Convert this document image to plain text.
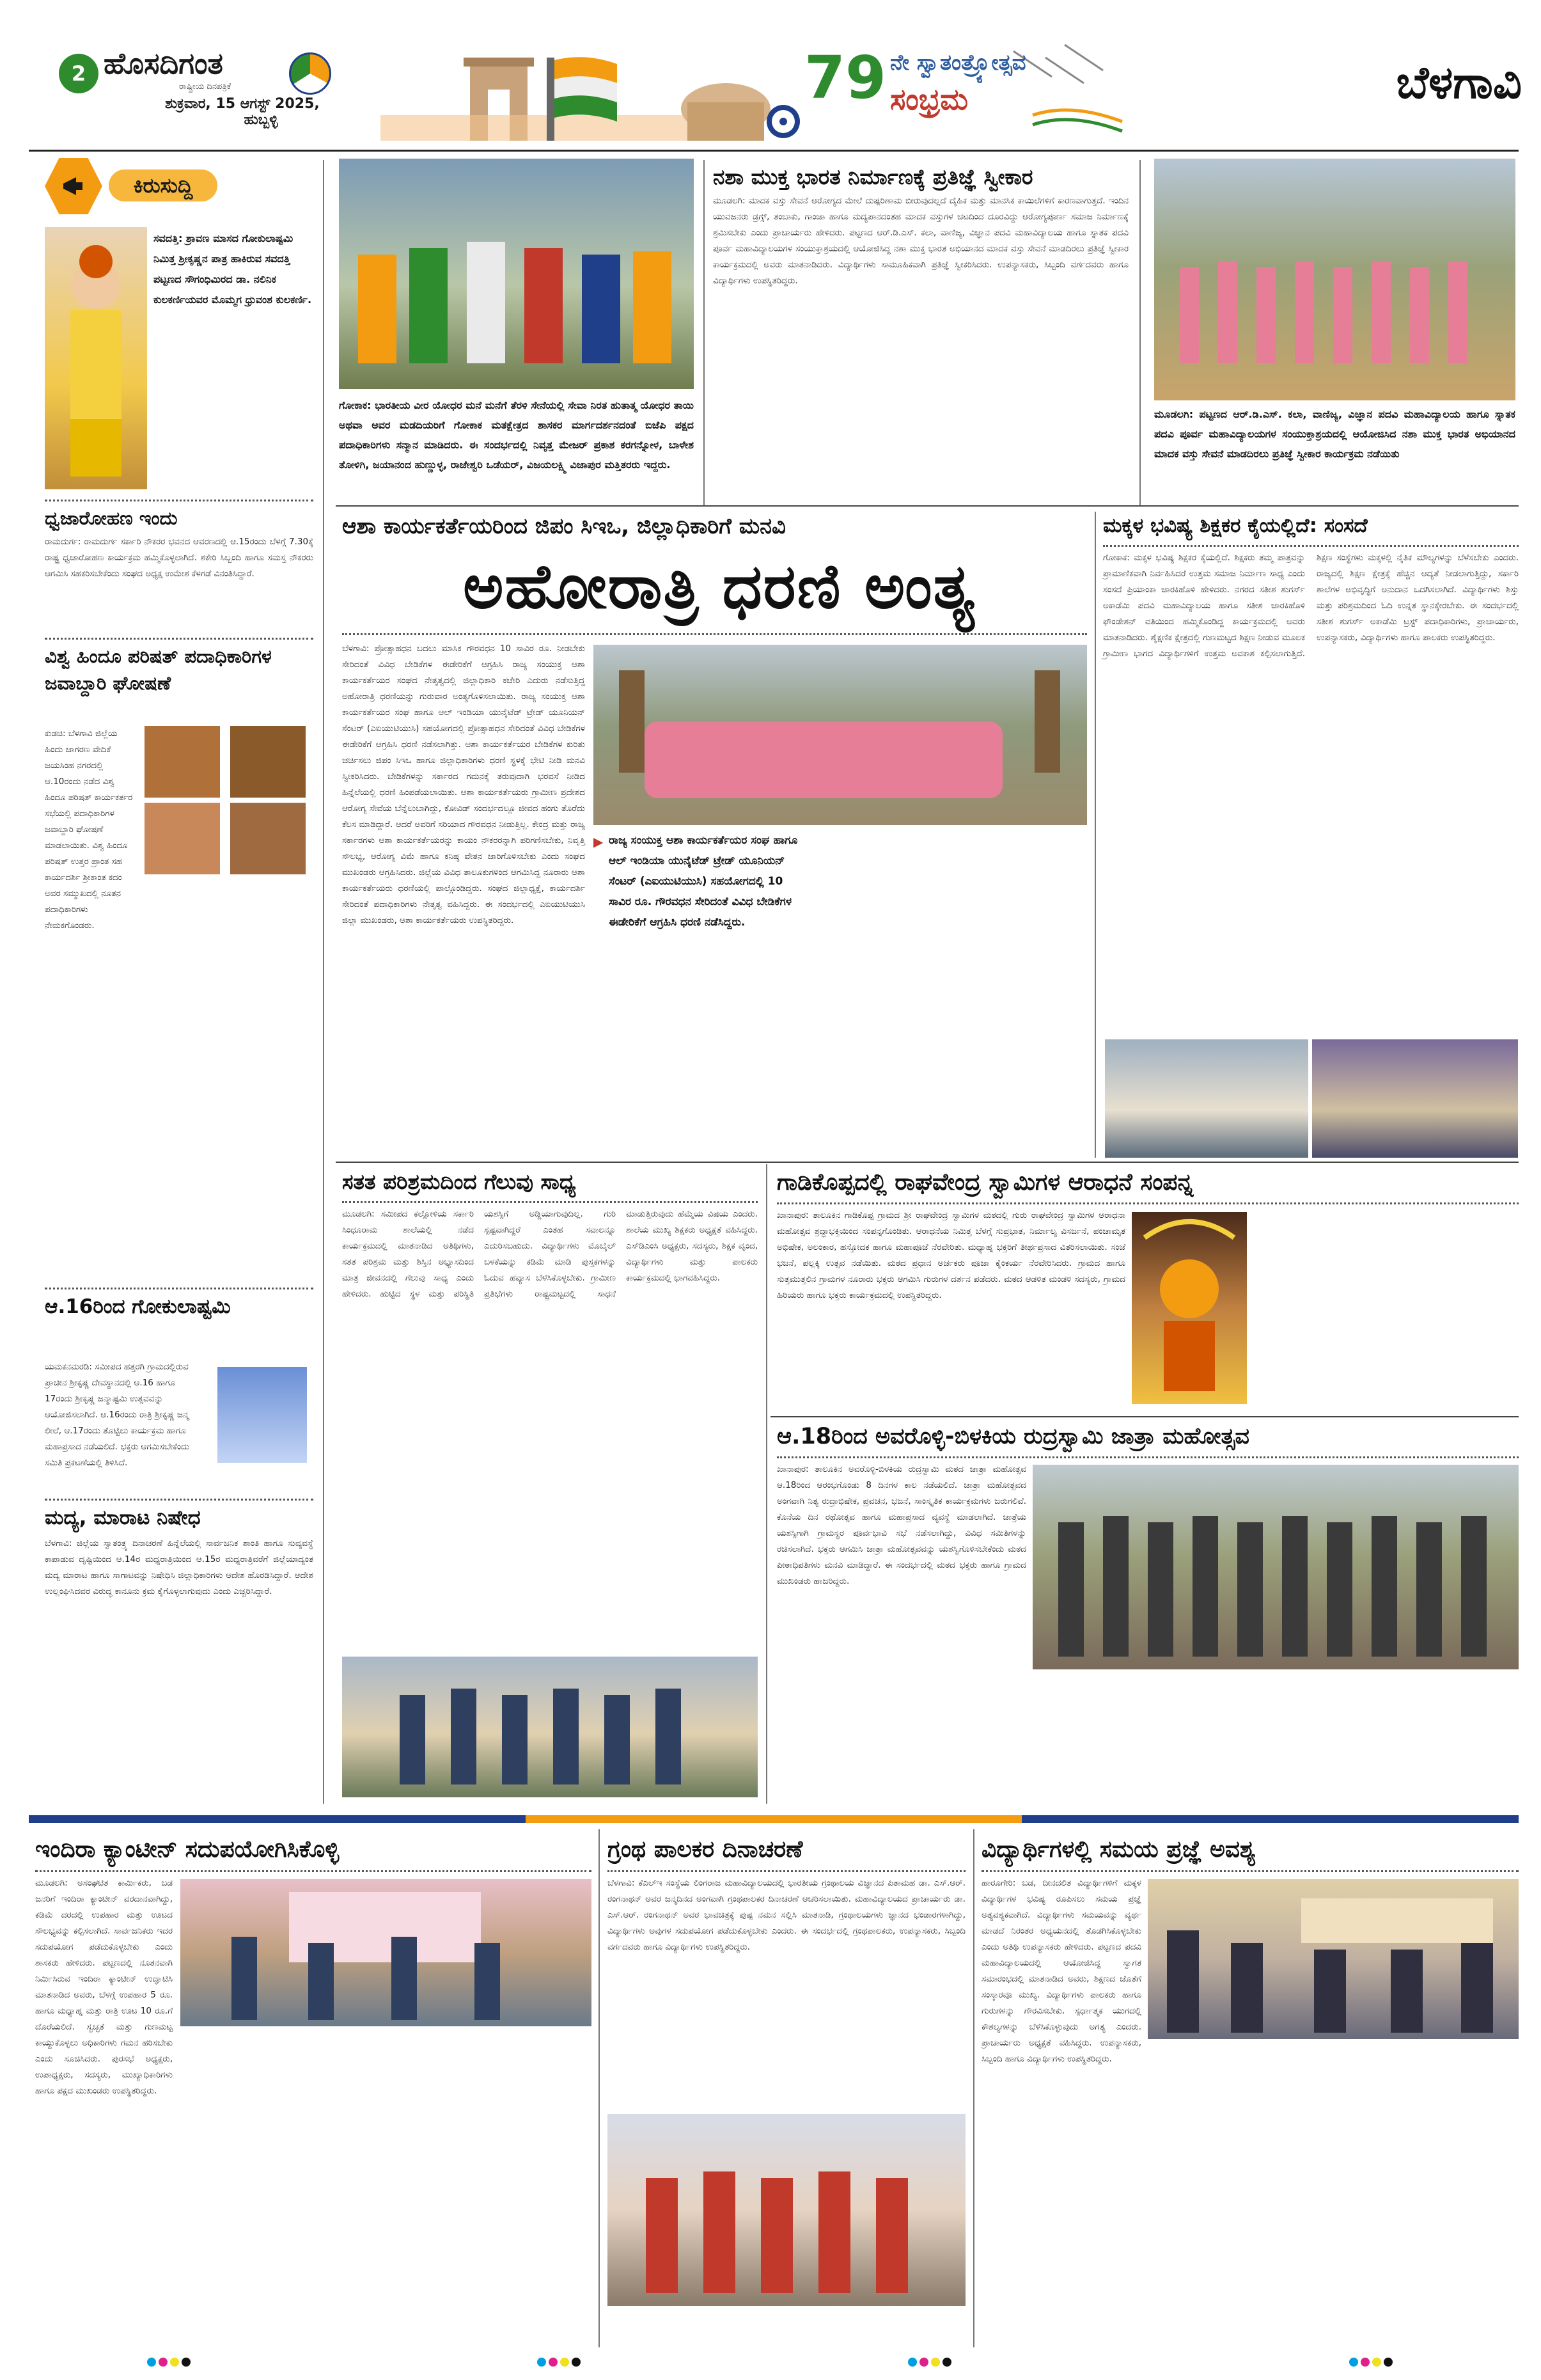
2 ಹೊಸದಿಗಂತ
ರಾಷ್ಟ್ರೀಯ ದಿನಪತ್ರಿಕೆ
ಶುಕ್ರವಾರ, 15 ಆಗಸ್ಟ್ 2025,
ಹುಬ್ಬಳ್ಳಿ
79 ನೇ ಸ್ವಾತಂತ್ರ್ಯೋತ್ಸವ
ಸಂಭ್ರಮ	ಬೆಳಗಾವಿ
ಕಿರುಸುದ್ದಿ
ಸವದತ್ತಿ: ಶ್ರಾವಣ ಮಾಸದ ಗೋಕುಲಾಷ್ಟಮಿ ನಿಮಿತ್ತ ಶ್ರೀಕೃಷ್ಣನ ಪಾತ್ರ ಹಾಕಿರುವ ಸವದತ್ತಿ ಪಟ್ಟಣದ ಸೌಗಂಧಿಮಿರದ ಡಾ. ನಲಿನಿಕ ಕುಲಕರ್ಣಿಯವರ ಮೊಮ್ಮಗ ಧ್ರುವಂಶ ಕುಲಕರ್ಣಿ.
ಧ್ವಜಾರೋಹಣ ಇಂದು
ರಾಮದುರ್ಗ: ರಾಮದುರ್ಗ ಸರ್ಕಾರಿ ನೌಕರರ ಭವನದ ಆವರಣದಲ್ಲಿ ಆ.15ರಂದು ಬೆಳಗ್ಗೆ 7.30ಕ್ಕೆ ರಾಷ್ಟ್ರ ಧ್ವಜಾರೋಹಣ ಕಾರ್ಯಕ್ರಮ ಹಮ್ಮಿಕೊಳ್ಳಲಾಗಿದೆ. ಶಕೇರಿ ಸಿಬ್ಬಂದಿ ಹಾಗೂ ಸಮಸ್ತ ನೌಕರರು ಆಗಮಿಸಿ ಸಹಕರಿಸಬೇಕೆಂದು ಸಂಘದ ಅಧ್ಯಕ್ಷ ಉಮೇಶ ಕೆಳಗಡೆ ವಿನಂತಿಸಿದ್ದಾರೆ.
ವಿಶ್ವ ಹಿಂದೂ ಪರಿಷತ್ ಪದಾಧಿಕಾರಿಗಳ ಜವಾಬ್ದಾರಿ ಘೋಷಣೆ
ಕುಡಚಿ: ಬೆಳಗಾವಿ ಜಿಲ್ಲೆಯ ಹಿಂದು ಜಾಗರಣ ವೇದಿಕೆ ಜಯಸಿಂಹ ನಗರದಲ್ಲಿ ಆ.10ರಂದು ನಡೆದ ವಿಶ್ವ ಹಿಂದೂ ಪರಿಷತ್ ಕಾರ್ಯಕರ್ತರ ಸಭೆಯಲ್ಲಿ ಪದಾಧಿಕಾರಿಗಳ ಜವಾಬ್ದಾರಿ ಘೋಷಣೆ ಮಾಡಲಾಯಿತು. ವಿಶ್ವ ಹಿಂದೂ ಪರಿಷತ್ ಉತ್ತರ ಪ್ರಾಂತ ಸಹ ಕಾರ್ಯದರ್ಶಿ ಶ್ರೀಕಾಂತ ಕದಂ ಅವರ ಸಮ್ಮುಖದಲ್ಲಿ ನೂತನ ಪದಾಧಿಕಾರಿಗಳು ನೇಮಕಗೊಂಡರು.
ಆ.16ರಿಂದ ಗೋಕುಲಾಷ್ಟಮಿ
ಯಮಕನಮರಡಿ: ಸಮೀಪದ ಹತ್ತರಗಿ ಗ್ರಾಮದಲ್ಲಿರುವ ಪ್ರಾಚೀನ ಶ್ರೀಕೃಷ್ಣ ದೇವಸ್ಥಾನದಲ್ಲಿ ಆ.16 ಹಾಗೂ 17ರಂದು ಶ್ರೀಕೃಷ್ಣ ಜನ್ಮಾಷ್ಟಮಿ ಉತ್ಸವವನ್ನು ಆಯೋಜಿಸಲಾಗಿದೆ. ಆ.16ರಂದು ರಾತ್ರಿ ಶ್ರೀಕೃಷ್ಣ ಜನ್ಮ ಲೀಲೆ, ಆ.17ರಂದು ತೊಟ್ಟಿಲು ಕಾರ್ಯಕ್ರಮ ಹಾಗೂ ಮಹಾಪ್ರಸಾದ ನಡೆಯಲಿದೆ. ಭಕ್ತರು ಆಗಮಿಸಬೇಕೆಂದು ಸಮಿತಿ ಪ್ರಕಟಣೆಯಲ್ಲಿ ತಿಳಿಸಿದೆ.
ಮದ್ಯ, ಮಾರಾಟ ನಿಷೇಧ
ಬೆಳಗಾವಿ: ಜಿಲ್ಲೆಯ ಸ್ವಾತಂತ್ರ್ಯ ದಿನಾಚರಣೆ ಹಿನ್ನೆಲೆಯಲ್ಲಿ ಸಾರ್ವಜನಿಕ ಶಾಂತಿ ಹಾಗೂ ಸುವ್ಯವಸ್ಥೆ ಕಾಪಾಡುವ ದೃಷ್ಟಿಯಿಂದ ಆ.14ರ ಮಧ್ಯರಾತ್ರಿಯಿಂದ ಆ.15ರ ಮಧ್ಯರಾತ್ರಿವರೆಗೆ ಜಿಲ್ಲೆಯಾದ್ಯಂತ ಮದ್ಯ ಮಾರಾಟ ಹಾಗೂ ಸಾಗಾಟವನ್ನು ನಿಷೇಧಿಸಿ ಜಿಲ್ಲಾಧಿಕಾರಿಗಳು ಆದೇಶ ಹೊರಡಿಸಿದ್ದಾರೆ. ಆದೇಶ ಉಲ್ಲಂಘಿಸಿದವರ ವಿರುದ್ಧ ಕಾನೂನು ಕ್ರಮ ಕೈಗೊಳ್ಳಲಾಗುವುದು ಎಂದು ಎಚ್ಚರಿಸಿದ್ದಾರೆ.
ಗೋಕಾಕ: ಭಾರತೀಯ ವೀರ ಯೋಧರ ಮನೆ ಮನೆಗೆ ತೆರಳಿ ಸೇನೆಯಲ್ಲಿ ಸೇವಾ ನಿರತ ಹುತಾತ್ಮ ಯೋಧರ ತಾಯಿ ಅಥವಾ ಅವರ ಮಡದಿಯರಿಗೆ ಗೋಕಾಕ ಮತಕ್ಷೇತ್ರದ ಶಾಸಕರ ಮಾರ್ಗದರ್ಶನದಂತೆ ಬಿಜೆಪಿ ಪಕ್ಷದ ಪದಾಧಿಕಾರಿಗಳು ಸನ್ಮಾನ ಮಾಡಿದರು. ಈ ಸಂದರ್ಭದಲ್ಲಿ ನಿವೃತ್ತ ಮೇಜರ್ ಪ್ರಕಾಶ ಕರಗನ್ನೋಳ, ಬಾಳೇಶ ತೋಳಿಗಿ, ಜಯಾನಂದ ಹುಣ್ಣುಳ್ಳ, ರಾಜೇಶ್ವರಿ ಒಡೆಯರ್, ವಿಜಯಲಕ್ಷ್ಮಿ ವಿಜಾಪುರ ಮತ್ತಿತರರು ಇದ್ದರು.
ನಶಾ ಮುಕ್ತ ಭಾರತ ನಿರ್ಮಾಣಕ್ಕೆ ಪ್ರತಿಜ್ಞೆ ಸ್ವೀಕಾರ
ಮೂಡಲಗಿ: ಮಾದಕ ವಸ್ತು ಸೇವನೆ ಆರೋಗ್ಯದ ಮೇಲೆ ದುಷ್ಪರಿಣಾಮ ಬೀರುವುದಲ್ಲದೆ ದೈಹಿಕ ಮತ್ತು ಮಾನಸಿಕ ಕಾಯಿಲೆಗಳಿಗೆ ಕಾರಣವಾಗುತ್ತದೆ. ಇಂದಿನ ಯುವಜನರು ಡ್ರಗ್ಸ್, ತಂಬಾಕು, ಗಾಂಜಾ ಹಾಗೂ ಮದ್ಯಪಾನದಂತಹ ಮಾದಕ ವಸ್ತುಗಳ ಚಟದಿಂದ ದೂರವಿದ್ದು ಆರೋಗ್ಯಪೂರ್ಣ ಸಮಾಜ ನಿರ್ಮಾಣಕ್ಕೆ ಶ್ರಮಿಸಬೇಕು ಎಂದು ಪ್ರಾಚಾರ್ಯರು ಹೇಳಿದರು. ಪಟ್ಟಣದ ಆರ್.ಡಿ.ಎಸ್. ಕಲಾ, ವಾಣಿಜ್ಯ, ವಿಜ್ಞಾನ ಪದವಿ ಮಹಾವಿದ್ಯಾಲಯ ಹಾಗೂ ಸ್ನಾತಕ ಪದವಿ ಪೂರ್ವ ಮಹಾವಿದ್ಯಾಲಯಗಳ ಸಂಯುಕ್ತಾಶ್ರಯದಲ್ಲಿ ಆಯೋಜಿಸಿದ್ದ ನಶಾ ಮುಕ್ತ ಭಾರತ ಅಭಿಯಾನದ ಮಾದಕ ವಸ್ತು ಸೇವನೆ ಮಾಡದಿರಲು ಪ್ರತಿಜ್ಞೆ ಸ್ವೀಕಾರ ಕಾರ್ಯಕ್ರಮದಲ್ಲಿ ಅವರು ಮಾತನಾಡಿದರು. ವಿದ್ಯಾರ್ಥಿಗಳು ಸಾಮೂಹಿಕವಾಗಿ ಪ್ರತಿಜ್ಞೆ ಸ್ವೀಕರಿಸಿದರು. ಉಪನ್ಯಾಸಕರು, ಸಿಬ್ಬಂದಿ ವರ್ಗದವರು ಹಾಗೂ ವಿದ್ಯಾರ್ಥಿಗಳು ಉಪಸ್ಥಿತರಿದ್ದರು.
ಮೂಡಲಗಿ: ಪಟ್ಟಣದ ಆರ್.ಡಿ.ಎಸ್. ಕಲಾ, ವಾಣಿಜ್ಯ, ವಿಜ್ಞಾನ ಪದವಿ ಮಹಾವಿದ್ಯಾಲಯ ಹಾಗೂ ಸ್ನಾತಕ ಪದವಿ ಪೂರ್ವ ಮಹಾವಿದ್ಯಾಲಯಗಳ ಸಂಯುಕ್ತಾಶ್ರಯದಲ್ಲಿ ಆಯೋಜಿಸಿದ ನಶಾ ಮುಕ್ತ ಭಾರತ ಅಭಿಯಾನದ ಮಾದಕ ವಸ್ತು ಸೇವನೆ ಮಾಡದಿರಲು ಪ್ರತಿಜ್ಞೆ ಸ್ವೀಕಾರ ಕಾರ್ಯಕ್ರಮ ನಡೆಯಿತು
ಆಶಾ ಕಾರ್ಯಕರ್ತೆಯರಿಂದ ಜಿಪಂ ಸಿಇಒ, ಜಿಲ್ಲಾಧಿಕಾರಿಗೆ ಮನವಿ
ಅಹೋರಾತ್ರಿ ಧರಣಿ ಅಂತ್ಯ
ಬೆಳಗಾವಿ: ಪ್ರೋತ್ಸಾಹಧನ ಬದಲು ಮಾಸಿಕ ಗೌರವಧನ 10 ಸಾವಿರ ರೂ. ನೀಡಬೇಕು ಸೇರಿದಂತೆ ವಿವಿಧ ಬೇಡಿಕೆಗಳ ಈಡೇರಿಕೆಗೆ ಆಗ್ರಹಿಸಿ ರಾಜ್ಯ ಸಂಯುಕ್ತ ಆಶಾ ಕಾರ್ಯಕರ್ತೆಯರ ಸಂಘದ ನೇತೃತ್ವದಲ್ಲಿ ಜಿಲ್ಲಾಧಿಕಾರಿ ಕಚೇರಿ ಎದುರು ನಡೆಸುತ್ತಿದ್ದ ಅಹೋರಾತ್ರಿ ಧರಣಿಯನ್ನು ಗುರುವಾರ ಅಂತ್ಯಗೊಳಿಸಲಾಯಿತು. ರಾಜ್ಯ ಸಂಯುಕ್ತ ಆಶಾ ಕಾರ್ಯಕರ್ತೆಯರ ಸಂಘ ಹಾಗೂ ಆಲ್ ಇಂಡಿಯಾ ಯುನೈಟೆಡ್ ಟ್ರೇಡ್ ಯೂನಿಯನ್ ಸೆಂಟರ್ (ಎಐಯುಟಿಯುಸಿ) ಸಹಯೋಗದಲ್ಲಿ ಪ್ರೋತ್ಸಾಹಧನ ಸೇರಿದಂತೆ ವಿವಿಧ ಬೇಡಿಕೆಗಳ ಈಡೇರಿಕೆಗೆ ಆಗ್ರಹಿಸಿ ಧರಣಿ ನಡೆಸಲಾಗಿತ್ತು. ಆಶಾ ಕಾರ್ಯಕರ್ತೆಯರ ಬೇಡಿಕೆಗಳ ಕುರಿತು ಚರ್ಚಿಸಲು ಜಿಪಂ ಸಿಇಒ ಹಾಗೂ ಜಿಲ್ಲಾಧಿಕಾರಿಗಳು ಧರಣಿ ಸ್ಥಳಕ್ಕೆ ಭೇಟಿ ನೀಡಿ ಮನವಿ ಸ್ವೀಕರಿಸಿದರು. ಬೇಡಿಕೆಗಳನ್ನು ಸರ್ಕಾರದ ಗಮನಕ್ಕೆ ತರುವುದಾಗಿ ಭರವಸೆ ನೀಡಿದ ಹಿನ್ನೆಲೆಯಲ್ಲಿ ಧರಣಿ ಹಿಂಪಡೆಯಲಾಯಿತು. ಆಶಾ ಕಾರ್ಯಕರ್ತೆಯರು ಗ್ರಾಮೀಣ ಪ್ರದೇಶದ ಆರೋಗ್ಯ ಸೇವೆಯ ಬೆನ್ನೆಲುಬಾಗಿದ್ದು, ಕೋವಿಡ್ ಸಂದರ್ಭದಲ್ಲೂ ಜೀವದ ಹಂಗು ತೊರೆದು ಕೆಲಸ ಮಾಡಿದ್ದಾರೆ. ಆದರೆ ಅವರಿಗೆ ಸರಿಯಾದ ಗೌರವಧನ ನೀಡುತ್ತಿಲ್ಲ. ಕೇಂದ್ರ ಮತ್ತು ರಾಜ್ಯ ಸರ್ಕಾರಗಳು ಆಶಾ ಕಾರ್ಯಕರ್ತೆಯರನ್ನು ಕಾಯಂ ನೌಕರರನ್ನಾಗಿ ಪರಿಗಣಿಸಬೇಕು, ನಿವೃತ್ತಿ ಸೌಲಭ್ಯ, ಆರೋಗ್ಯ ವಿಮೆ ಹಾಗೂ ಕನಿಷ್ಠ ವೇತನ ಜಾರಿಗೊಳಿಸಬೇಕು ಎಂದು ಸಂಘದ ಮುಖಂಡರು ಆಗ್ರಹಿಸಿದರು. ಜಿಲ್ಲೆಯ ವಿವಿಧ ತಾಲೂಕುಗಳಿಂದ ಆಗಮಿಸಿದ್ದ ನೂರಾರು ಆಶಾ ಕಾರ್ಯಕರ್ತೆಯರು ಧರಣಿಯಲ್ಲಿ ಪಾಲ್ಗೊಂಡಿದ್ದರು. ಸಂಘದ ಜಿಲ್ಲಾಧ್ಯಕ್ಷೆ, ಕಾರ್ಯದರ್ಶಿ ಸೇರಿದಂತೆ ಪದಾಧಿಕಾರಿಗಳು ನೇತೃತ್ವ ವಹಿಸಿದ್ದರು. ಈ ಸಂದರ್ಭದಲ್ಲಿ ಎಐಯುಟಿಯುಸಿ ಜಿಲ್ಲಾ ಮುಖಂಡರು, ಆಶಾ ಕಾರ್ಯಕರ್ತೆಯರು ಉಪಸ್ಥಿತರಿದ್ದರು.
▶ ರಾಜ್ಯ ಸಂಯುಕ್ತ ಆಶಾ ಕಾರ್ಯಕರ್ತೆಯರ ಸಂಘ ಹಾಗೂ ಆಲ್ ಇಂಡಿಯಾ ಯುನೈಟೆಡ್ ಟ್ರೇಡ್ ಯೂನಿಯನ್ ಸೆಂಟರ್ (ಎಐಯುಟಿಯುಸಿ) ಸಹಯೋಗದಲ್ಲಿ 10 ಸಾವಿರ ರೂ. ಗೌರವಧನ ಸೇರಿದಂತೆ ವಿವಿಧ ಬೇಡಿಕೆಗಳ ಈಡೇರಿಕೆಗೆ ಆಗ್ರಹಿಸಿ ಧರಣಿ ನಡೆಸಿದ್ದರು.
ಮಕ್ಕಳ ಭವಿಷ್ಯ ಶಿಕ್ಷಕರ ಕೈಯಲ್ಲಿದೆ: ಸಂಸದೆ
ಗೋಕಾಕ: ಮಕ್ಕಳ ಭವಿಷ್ಯ ಶಿಕ್ಷಕರ ಕೈಯಲ್ಲಿದೆ. ಶಿಕ್ಷಕರು ತಮ್ಮ ಪಾತ್ರವನ್ನು ಪ್ರಾಮಾಣಿಕವಾಗಿ ನಿರ್ವಹಿಸಿದರೆ ಉತ್ತಮ ಸಮಾಜ ನಿರ್ಮಾಣ ಸಾಧ್ಯ ಎಂದು ಸಂಸದೆ ಪ್ರಿಯಾಂಕಾ ಜಾರಕಿಹೊಳಿ ಹೇಳಿದರು. ನಗರದ ಸತೀಶ ಶುಗರ್ಸ್ ಅಕಾಡೆಮಿ ಪದವಿ ಮಹಾವಿದ್ಯಾಲಯ ಹಾಗೂ ಸತೀಶ ಜಾರಕಿಹೊಳಿ ಫೌಂಡೇಶನ್ ವತಿಯಿಂದ ಹಮ್ಮಿಕೊಂಡಿದ್ದ ಕಾರ್ಯಕ್ರಮದಲ್ಲಿ ಅವರು ಮಾತನಾಡಿದರು. ಶೈಕ್ಷಣಿಕ ಕ್ಷೇತ್ರದಲ್ಲಿ ಗುಣಮಟ್ಟದ ಶಿಕ್ಷಣ ನೀಡುವ ಮೂಲಕ ಗ್ರಾಮೀಣ ಭಾಗದ ವಿದ್ಯಾರ್ಥಿಗಳಿಗೆ ಉತ್ತಮ ಅವಕಾಶ ಕಲ್ಪಿಸಲಾಗುತ್ತಿದೆ. ಶಿಕ್ಷಣ ಸಂಸ್ಥೆಗಳು ಮಕ್ಕಳಲ್ಲಿ ನೈತಿಕ ಮೌಲ್ಯಗಳನ್ನು ಬೆಳೆಸಬೇಕು ಎಂದರು. ರಾಜ್ಯದಲ್ಲಿ ಶಿಕ್ಷಣ ಕ್ಷೇತ್ರಕ್ಕೆ ಹೆಚ್ಚಿನ ಆದ್ಯತೆ ನೀಡಲಾಗುತ್ತಿದ್ದು, ಸರ್ಕಾರಿ ಶಾಲೆಗಳ ಅಭಿವೃದ್ಧಿಗೆ ಅನುದಾನ ಒದಗಿಸಲಾಗಿದೆ. ವಿದ್ಯಾರ್ಥಿಗಳು ಶಿಸ್ತು ಮತ್ತು ಪರಿಶ್ರಮದಿಂದ ಓದಿ ಉನ್ನತ ಸ್ಥಾನಕ್ಕೇರಬೇಕು. ಈ ಸಂದರ್ಭದಲ್ಲಿ ಸತೀಶ ಶುಗರ್ಸ್ ಅಕಾಡೆಮಿ ಟ್ರಸ್ಟ್ ಪದಾಧಿಕಾರಿಗಳು, ಪ್ರಾಚಾರ್ಯರು, ಉಪನ್ಯಾಸಕರು, ವಿದ್ಯಾರ್ಥಿಗಳು ಹಾಗೂ ಪಾಲಕರು ಉಪಸ್ಥಿತರಿದ್ದರು.
ಸತತ ಪರಿಶ್ರಮದಿಂದ ಗೆಲುವು ಸಾಧ್ಯ
ಮೂಡಲಗಿ: ಸಮೀಪದ ಕಲ್ಲೋಳಿಯ ಸರ್ಕಾರಿ ಸಿಂಧೂರಾಮ ಶಾಲೆಯಲ್ಲಿ ನಡೆದ ಕಾರ್ಯಕ್ರಮದಲ್ಲಿ ಮಾತನಾಡಿದ ಅತಿಥಿಗಳು, ಸತತ ಪರಿಶ್ರಮ ಮತ್ತು ಶಿಸ್ತಿನ ಅಭ್ಯಾಸದಿಂದ ಮಾತ್ರ ಜೀವನದಲ್ಲಿ ಗೆಲುವು ಸಾಧ್ಯ ಎಂದು ಹೇಳಿದರು. ಹುಟ್ಟಿದ ಸ್ಥಳ ಮತ್ತು ಪರಿಸ್ಥಿತಿ ಯಶಸ್ಸಿಗೆ ಅಡ್ಡಿಯಾಗುವುದಿಲ್ಲ. ಗುರಿ ಸ್ಪಷ್ಟವಾಗಿದ್ದರೆ ಎಂತಹ ಸವಾಲನ್ನೂ ಎದುರಿಸಬಹುದು. ವಿದ್ಯಾರ್ಥಿಗಳು ಮೊಬೈಲ್ ಬಳಕೆಯನ್ನು ಕಡಿಮೆ ಮಾಡಿ ಪುಸ್ತಕಗಳನ್ನು ಓದುವ ಹವ್ಯಾಸ ಬೆಳೆಸಿಕೊಳ್ಳಬೇಕು. ಗ್ರಾಮೀಣ ಪ್ರತಿಭೆಗಳು ರಾಷ್ಟ್ರಮಟ್ಟದಲ್ಲಿ ಸಾಧನೆ ಮಾಡುತ್ತಿರುವುದು ಹೆಮ್ಮೆಯ ವಿಷಯ ಎಂದರು. ಶಾಲೆಯ ಮುಖ್ಯ ಶಿಕ್ಷಕರು ಅಧ್ಯಕ್ಷತೆ ವಹಿಸಿದ್ದರು. ಎಸ್‌ಡಿಎಂಸಿ ಅಧ್ಯಕ್ಷರು, ಸದಸ್ಯರು, ಶಿಕ್ಷಕ ವೃಂದ, ವಿದ್ಯಾರ್ಥಿಗಳು ಮತ್ತು ಪಾಲಕರು ಕಾರ್ಯಕ್ರಮದಲ್ಲಿ ಭಾಗವಹಿಸಿದ್ದರು.
ಗಾಡಿಕೊಪ್ಪದಲ್ಲಿ ರಾಘವೇಂದ್ರ ಸ್ವಾಮಿಗಳ ಆರಾಧನೆ ಸಂಪನ್ನ
ಖಾನಾಪುರ: ತಾಲೂಕಿನ ಗಾಡಿಕೊಪ್ಪ ಗ್ರಾಮದ ಶ್ರೀ ರಾಘವೇಂದ್ರ ಸ್ವಾಮಿಗಳ ಮಠದಲ್ಲಿ ಗುರು ರಾಘವೇಂದ್ರ ಸ್ವಾಮಿಗಳ ಆರಾಧನಾ ಮಹೋತ್ಸವ ಶ್ರದ್ಧಾಭಕ್ತಿಯಿಂದ ಸಂಪನ್ನಗೊಂಡಿತು. ಆರಾಧನೆಯ ನಿಮಿತ್ತ ಬೆಳಗ್ಗೆ ಸುಪ್ರಭಾತ, ನಿರ್ಮಾಲ್ಯ ವಿಸರ್ಜನೆ, ಪಂಚಾಮೃತ ಅಭಿಷೇಕ, ಅಲಂಕಾರ, ಹಸ್ತೋದಕ ಹಾಗೂ ಮಹಾಪೂಜೆ ನೆರವೇರಿತು. ಮಧ್ಯಾಹ್ನ ಭಕ್ತರಿಗೆ ತೀರ್ಥಪ್ರಸಾದ ವಿತರಿಸಲಾಯಿತು. ಸಂಜೆ ಭಜನೆ, ಪಲ್ಲಕ್ಕಿ ಉತ್ಸವ ನಡೆಯಿತು. ಮಠದ ಪ್ರಧಾನ ಅರ್ಚಕರು ಪೂಜಾ ಕೈಂಕರ್ಯ ನೆರವೇರಿಸಿದರು. ಗ್ರಾಮದ ಹಾಗೂ ಸುತ್ತಮುತ್ತಲಿನ ಗ್ರಾಮಗಳ ನೂರಾರು ಭಕ್ತರು ಆಗಮಿಸಿ ಗುರುಗಳ ದರ್ಶನ ಪಡೆದರು. ಮಠದ ಆಡಳಿತ ಮಂಡಳಿ ಸದಸ್ಯರು, ಗ್ರಾಮದ ಹಿರಿಯರು ಹಾಗೂ ಭಕ್ತರು ಕಾರ್ಯಕ್ರಮದಲ್ಲಿ ಉಪಸ್ಥಿತರಿದ್ದರು.
ಆ.18ರಿಂದ ಅವರೊಳ್ಳಿ-ಬಿಳಕಿಯ ರುದ್ರಸ್ವಾಮಿ ಜಾತ್ರಾ ಮಹೋತ್ಸವ
ಖಾನಾಪುರ: ತಾಲೂಕಿನ ಅವರೊಳ್ಳಿ-ಬಿಳಕಿಯ ರುದ್ರಸ್ವಾಮಿ ಮಠದ ಜಾತ್ರಾ ಮಹೋತ್ಸವ ಆ.18ರಿಂದ ಆರಂಭಗೊಂಡು 8 ದಿನಗಳ ಕಾಲ ನಡೆಯಲಿದೆ. ಜಾತ್ರಾ ಮಹೋತ್ಸವದ ಅಂಗವಾಗಿ ನಿತ್ಯ ರುದ್ರಾಭಿಷೇಕ, ಪ್ರವಚನ, ಭಜನೆ, ಸಾಂಸ್ಕೃತಿಕ ಕಾರ್ಯಕ್ರಮಗಳು ಜರುಗಲಿವೆ. ಕೊನೆಯ ದಿನ ರಥೋತ್ಸವ ಹಾಗೂ ಮಹಾಪ್ರಸಾದ ವ್ಯವಸ್ಥೆ ಮಾಡಲಾಗಿದೆ. ಜಾತ್ರೆಯ ಯಶಸ್ಸಿಗಾಗಿ ಗ್ರಾಮಸ್ಥರ ಪೂರ್ವಭಾವಿ ಸಭೆ ನಡೆಸಲಾಗಿದ್ದು, ವಿವಿಧ ಸಮಿತಿಗಳನ್ನು ರಚಿಸಲಾಗಿದೆ. ಭಕ್ತರು ಆಗಮಿಸಿ ಜಾತ್ರಾ ಮಹೋತ್ಸವವನ್ನು ಯಶಸ್ವಿಗೊಳಿಸಬೇಕೆಂದು ಮಠದ ಪೀಠಾಧಿಪತಿಗಳು ಮನವಿ ಮಾಡಿದ್ದಾರೆ. ಈ ಸಂದರ್ಭದಲ್ಲಿ ಮಠದ ಭಕ್ತರು ಹಾಗೂ ಗ್ರಾಮದ ಮುಖಂಡರು ಹಾಜರಿದ್ದರು.
ಇಂದಿರಾ ಕ್ಯಾಂಟೀನ್ ಸದುಪಯೋಗಿಸಿಕೊಳ್ಳಿ
ಮೂಡಲಗಿ: ಅಸಂಘಟಿತ ಕಾರ್ಮಿಕರು, ಬಡ ಜನರಿಗೆ ಇಂದಿರಾ ಕ್ಯಾಂಟೀನ್ ವರದಾನವಾಗಿದ್ದು, ಕಡಿಮೆ ದರದಲ್ಲಿ ಉಪಹಾರ ಮತ್ತು ಊಟದ ಸೌಲಭ್ಯವನ್ನು ಕಲ್ಪಿಸಲಾಗಿದೆ. ಸಾರ್ವಜನಿಕರು ಇದರ ಸದುಪಯೋಗ ಪಡೆದುಕೊಳ್ಳಬೇಕು ಎಂದು ಶಾಸಕರು ಹೇಳಿದರು. ಪಟ್ಟಣದಲ್ಲಿ ನೂತನವಾಗಿ ನಿರ್ಮಿಸಿರುವ ಇಂದಿರಾ ಕ್ಯಾಂಟೀನ್ ಉದ್ಘಾಟಿಸಿ ಮಾತನಾಡಿದ ಅವರು, ಬೆಳಗ್ಗೆ ಉಪಹಾರ 5 ರೂ. ಹಾಗೂ ಮಧ್ಯಾಹ್ನ ಮತ್ತು ರಾತ್ರಿ ಊಟ 10 ರೂ.ಗೆ ದೊರೆಯಲಿದೆ. ಸ್ವಚ್ಛತೆ ಮತ್ತು ಗುಣಮಟ್ಟ ಕಾಯ್ದುಕೊಳ್ಳಲು ಅಧಿಕಾರಿಗಳು ಗಮನ ಹರಿಸಬೇಕು ಎಂದು ಸೂಚಿಸಿದರು. ಪುರಸಭೆ ಅಧ್ಯಕ್ಷರು, ಉಪಾಧ್ಯಕ್ಷರು, ಸದಸ್ಯರು, ಮುಖ್ಯಾಧಿಕಾರಿಗಳು ಹಾಗೂ ಪಕ್ಷದ ಮುಖಂಡರು ಉಪಸ್ಥಿತರಿದ್ದರು.
ಗ್ರಂಥ ಪಾಲಕರ ದಿನಾಚರಣೆ
ಬೆಳಗಾವಿ: ಕೆಎಲ್‌ಇ ಸಂಸ್ಥೆಯ ಲಿಂಗರಾಜ ಮಹಾವಿದ್ಯಾಲಯದಲ್ಲಿ ಭಾರತೀಯ ಗ್ರಂಥಾಲಯ ವಿಜ್ಞಾನದ ಪಿತಾಮಹ ಡಾ. ಎಸ್.ಆರ್. ರಂಗನಾಥನ್ ಅವರ ಜನ್ಮದಿನದ ಅಂಗವಾಗಿ ಗ್ರಂಥಪಾಲಕರ ದಿನಾಚರಣೆ ಆಚರಿಸಲಾಯಿತು. ಮಹಾವಿದ್ಯಾಲಯದ ಪ್ರಾಚಾರ್ಯರು ಡಾ. ಎಸ್.ಆರ್. ರಂಗನಾಥನ್ ಅವರ ಭಾವಚಿತ್ರಕ್ಕೆ ಪುಷ್ಪ ನಮನ ಸಲ್ಲಿಸಿ ಮಾತನಾಡಿ, ಗ್ರಂಥಾಲಯಗಳು ಜ್ಞಾನದ ಭಂಡಾರಗಳಾಗಿದ್ದು, ವಿದ್ಯಾರ್ಥಿಗಳು ಅವುಗಳ ಸದುಪಯೋಗ ಪಡೆದುಕೊಳ್ಳಬೇಕು ಎಂದರು. ಈ ಸಂದರ್ಭದಲ್ಲಿ ಗ್ರಂಥಪಾಲಕರು, ಉಪನ್ಯಾಸಕರು, ಸಿಬ್ಬಂದಿ ವರ್ಗದವರು ಹಾಗೂ ವಿದ್ಯಾರ್ಥಿಗಳು ಉಪಸ್ಥಿತರಿದ್ದರು.
ವಿದ್ಯಾರ್ಥಿಗಳಲ್ಲಿ ಸಮಯ ಪ್ರಜ್ಞೆ ಅವಶ್ಯ
ಹಾರೂಗೇರಿ: ಬಡ, ದೀನದಲಿತ ವಿದ್ಯಾರ್ಥಿಗಳಿಗೆ ಮಕ್ಕಳ ವಿದ್ಯಾರ್ಥಿಗಳ ಭವಿಷ್ಯ ರೂಪಿಸಲು ಸಮಯ ಪ್ರಜ್ಞೆ ಅತ್ಯವಶ್ಯಕವಾಗಿದೆ. ವಿದ್ಯಾರ್ಥಿಗಳು ಸಮಯವನ್ನು ವ್ಯರ್ಥ ಮಾಡದೆ ನಿರಂತರ ಅಧ್ಯಯನದಲ್ಲಿ ತೊಡಗಿಸಿಕೊಳ್ಳಬೇಕು ಎಂದು ಅತಿಥಿ ಉಪನ್ಯಾಸಕರು ಹೇಳಿದರು. ಪಟ್ಟಣದ ಪದವಿ ಮಹಾವಿದ್ಯಾಲಯದಲ್ಲಿ ಆಯೋಜಿಸಿದ್ದ ಸ್ವಾಗತ ಸಮಾರಂಭದಲ್ಲಿ ಮಾತನಾಡಿದ ಅವರು, ಶಿಕ್ಷಣದ ಜೊತೆಗೆ ಸಂಸ್ಕಾರವೂ ಮುಖ್ಯ. ವಿದ್ಯಾರ್ಥಿಗಳು ಪಾಲಕರು ಹಾಗೂ ಗುರುಗಳನ್ನು ಗೌರವಿಸಬೇಕು. ಸ್ಪರ್ಧಾತ್ಮಕ ಯುಗದಲ್ಲಿ ಕೌಶಲ್ಯಗಳನ್ನು ಬೆಳೆಸಿಕೊಳ್ಳುವುದು ಅಗತ್ಯ ಎಂದರು. ಪ್ರಾಚಾರ್ಯರು ಅಧ್ಯಕ್ಷತೆ ವಹಿಸಿದ್ದರು. ಉಪನ್ಯಾಸಕರು, ಸಿಬ್ಬಂದಿ ಹಾಗೂ ವಿದ್ಯಾರ್ಥಿಗಳು ಉಪಸ್ಥಿತರಿದ್ದರು.
